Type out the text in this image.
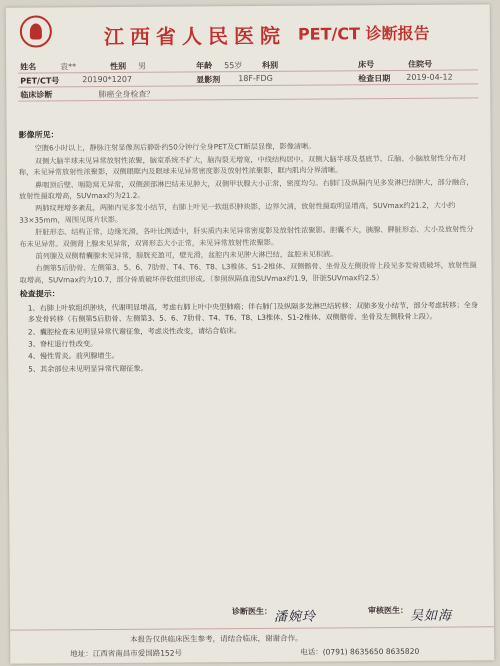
江西省人民医院 PET/CT 诊断报告
姓名	袁**	性别 男	年龄 55岁 科别	床号	住院号
PET/CT号	20190*1207	显影剂 18F-FDG	检查日期 2019-04-12
临床诊断	肺癌全身检查？
影像所见：

空腹6小时以上，静脉注射显像剂后静卧约50分钟行全身PET及CT断层显像，影像清晰。

双侧大脑半球未见异常放射性浓聚，脑室系统不扩大，脑沟裂无增宽，中线结构居中。双侧大脑半球及基底节、丘脑、小脑放射性分布对称，未见异常放射性浓聚影，双侧眼眶内及眼球未见异常密度影及放射性浓聚影，眶内肌肉分界清晰。

鼻咽顶后壁、咽隐窝无异常，双侧颈部淋巴结未见肿大，双侧甲状腺大小正常，密度均匀。右肺门及纵隔内见多发淋巴结肿大，部分融合，放射性摄取增高，SUVmax约为21.2。

两肺纹理增多紊乱，两肺内见多发小结节，右肺上叶见一软组织肿块影，边界欠清，放射性摄取明显增高，SUVmax约21.2，大小约33×35mm，周围见斑片状影。

肝脏形态、结构正常，边缘光滑，各叶比例适中，肝实质内未见异常密度影及放射性浓聚影。胆囊不大，胰腺、脾脏形态、大小及放射性分布未见异常。双侧肾上腺未见异常，双肾形态大小正常，未见异常放射性浓聚影。

前列腺及双侧精囊腺未见异常，膀胱充盈可，壁光滑，盆腔内未见肿大淋巴结，盆腔未见积液。

右侧第5后肋骨、左侧第3、5、6、7肋骨、T4、T6、T8、L3椎体、S1-2椎体、双侧髂骨、坐骨及左侧股骨上段见多发骨质破坏，放射性摄取增高，SUVmax约为10.7，部分骨质破坏伴软组织形成。（参照纵隔血池SUVmax约1.9，肝脏SUVmax约2.5）

检查提示：
1、右肺上叶软组织肿块，代谢明显增高，考虑右肺上叶中央型肺癌；伴右肺门及纵隔多发淋巴结转移；双肺多发小结节，部分考虑转移；全身多发骨转移（右侧第5后肋骨、左侧第3、5、6、7肋骨、T4、T6、T8、L3椎体、S1-2椎体、双侧髂骨、坐骨及左侧股骨上段）。
2、囊腔检查未见明显异常代谢征象，考虑炎性改变，请结合临床。
3、脊柱退行性改变。
4、慢性胃炎。前列腺增生。
5、其余部位未见明显异常代谢征象。
诊断医生： 潘婉玲	审核医生： 吴如海
本报告仅供临床医生参考，请结合临床，谢谢合作。
地址：江西省南昌市爱国路152号	电话：(0791) 8635650 8635820
